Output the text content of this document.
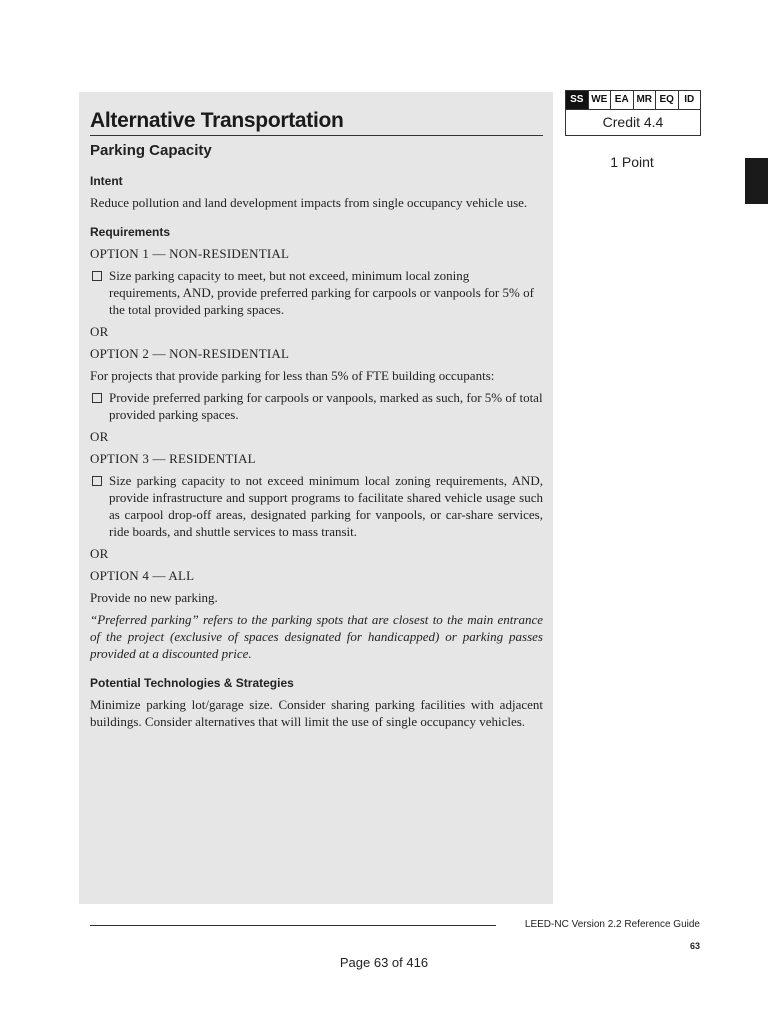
Alternative Transportation
Parking Capacity
Intent
Reduce pollution and land development impacts from single occupancy vehicle use.
Requirements
OPTION 1 — NON-RESIDENTIAL
Size parking capacity to meet, but not exceed, minimum local zoning requirements, AND, provide preferred parking for carpools or vanpools for 5% of the total provided parking spaces.
OR
OPTION 2 — NON-RESIDENTIAL
For projects that provide parking for less than 5% of FTE building occupants:
Provide preferred parking for carpools or vanpools, marked as such, for 5% of total provided parking spaces.
OR
OPTION 3 — RESIDENTIAL
Size parking capacity to not exceed minimum local zoning requirements, AND, provide infrastructure and support programs to facilitate shared vehicle usage such as carpool drop-off areas, designated parking for vanpools, or car-share services, ride boards, and shuttle services to mass transit.
OR
OPTION 4 — ALL
Provide no new parking.
“Preferred parking” refers to the parking spots that are closest to the main entrance of the project (exclusive of spaces designated for handicapped) or parking passes provided at a discounted price.
Potential Technologies & Strategies
Minimize parking lot/garage size. Consider sharing parking facilities with adjacent buildings. Consider alternatives that will limit the use of single occupancy vehicles.
SS WE EA MR EQ	ID
Credit 4.4
1 Point
LEED-NC Version 2.2 Reference Guide
63
Page 63 of 416
